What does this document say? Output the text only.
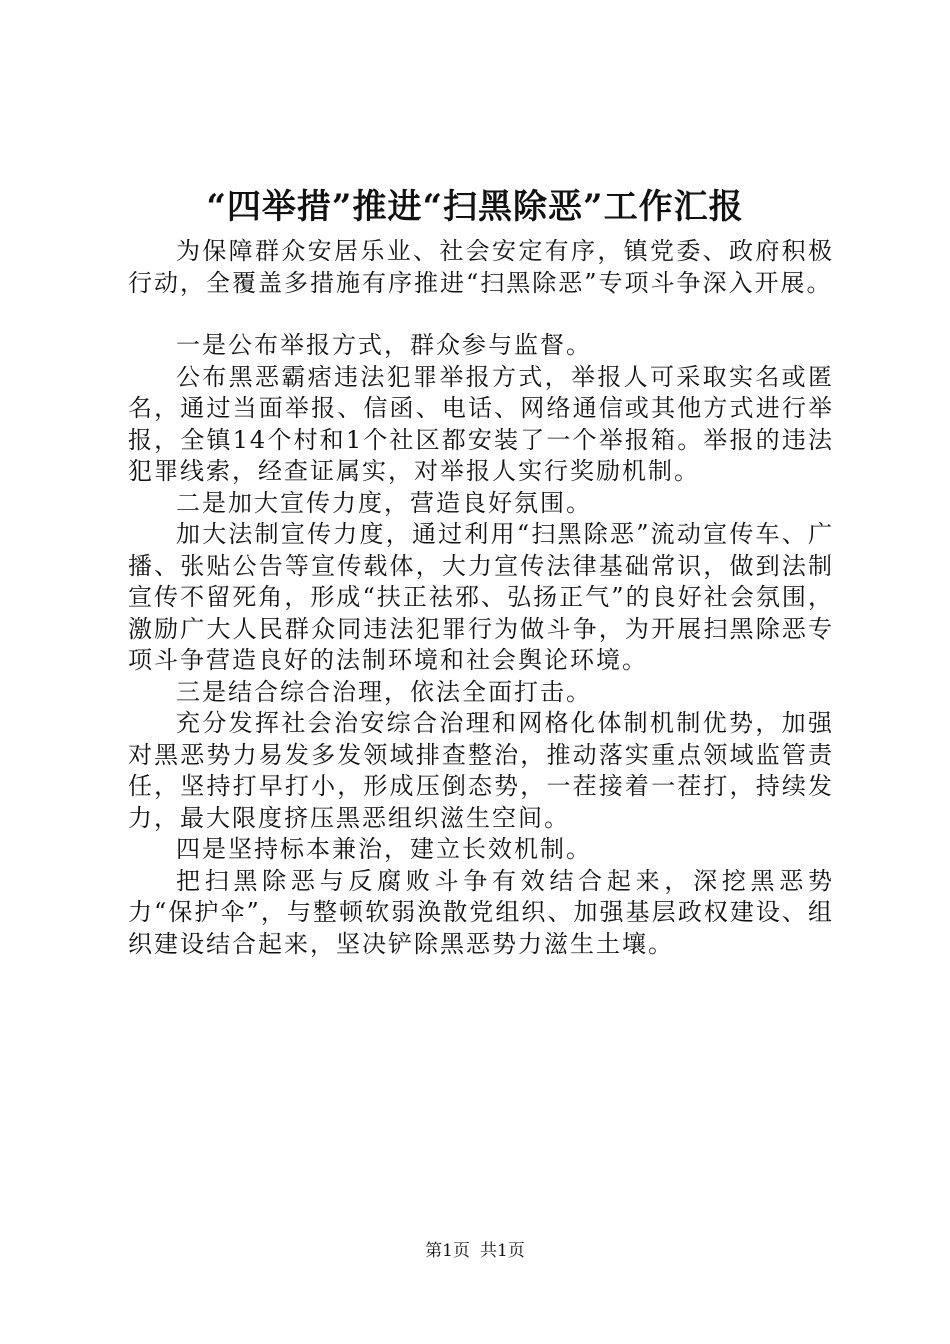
“四举措”推进“扫黑除恶”工作汇报

为保障群众安居乐业、社会安定有序，镇党委、政府积极行动，全覆盖多措施有序推进“扫黑除恶”专项斗争深入开展。

一是公布举报方式，群众参与监督。

公布黑恶霸痞违法犯罪举报方式，举报人可采取实名或匿名，通过当面举报、信函、电话、网络通信或其他方式进行举报，全镇14个村和1个社区都安装了一个举报箱。举报的违法犯罪线索，经查证属实，对举报人实行奖励机制。

二是加大宣传力度，营造良好氛围。

加大法制宣传力度，通过利用“扫黑除恶”流动宣传车、广播、张贴公告等宣传载体，大力宣传法律基础常识，做到法制宣传不留死角，形成“扶正祛邪、弘扬正气”的良好社会氛围，激励广大人民群众同违法犯罪行为做斗争，为开展扫黑除恶专项斗争营造良好的法制环境和社会舆论环境。

三是结合综合治理，依法全面打击。

充分发挥社会治安综合治理和网格化体制机制优势，加强对黑恶势力易发多发领域排查整治，推动落实重点领域监管责任，坚持打早打小，形成压倒态势，一茬接着一茬打，持续发力，最大限度挤压黑恶组织滋生空间。

四是坚持标本兼治，建立长效机制。

把扫黑除恶与反腐败斗争有效结合起来，深挖黑恶势力“保护伞”，与整顿软弱涣散党组织、加强基层政权建设、组织建设结合起来，坚决铲除黑恶势力滋生土壤。

第1页 共1页
